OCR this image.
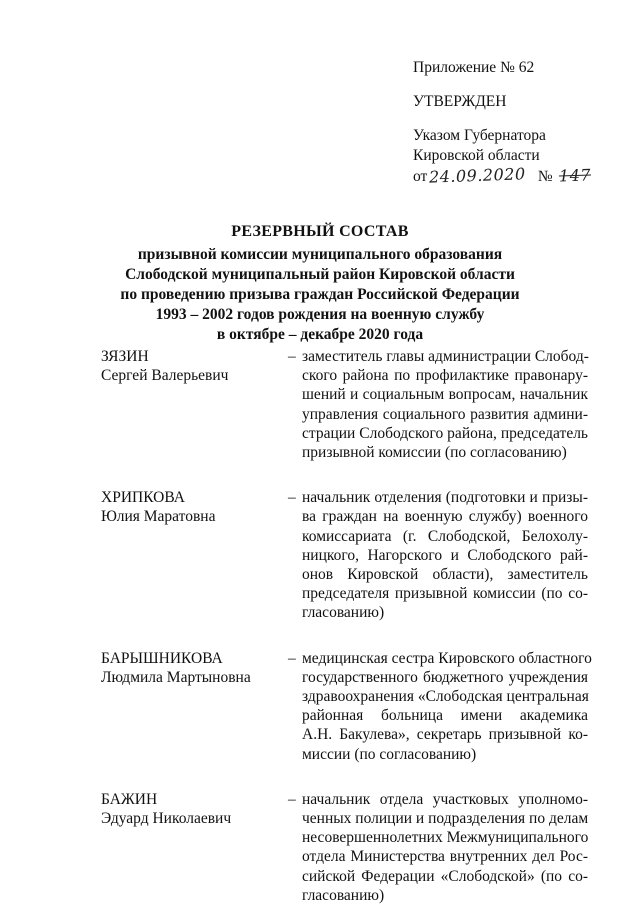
Приложение № 62
УТВЕРЖДЕН
Указом Губернатора
Кировской области
от 24.09.2020 № 147
РЕЗЕРВНЫЙ СОСТАВ
призывной комиссии муниципального образования
Слободской муниципальный район Кировской области
по проведению призыва граждан Российской Федерации
1993 – 2002 годов рождения на военную службу
в октябре – декабре 2020 года
ЗЯЗИН
Сергей Валерьевич
– заместитель главы администрации Слобод-
ского района по профилактике правонару-
шений и социальным вопросам, начальник
управления социального развития админи-
страции Слободского района, председатель
призывной комиссии (по согласованию)
ХРИПКОВА
Юлия Маратовна
– начальник отделения (подготовки и призы-
ва граждан на военную службу) военного
комиссариата (г. Слободской, Белохолу-
ницкого, Нагорского и Слободского рай-
онов Кировской области), заместитель
председателя призывной комиссии (по со-
гласованию)
БАРЫШНИКОВА
Людмила Мартыновна
– медицинская сестра Кировского областного
государственного бюджетного учреждения
здравоохранения «Слободская центральная
районная больница имени академика
А.Н. Бакулева», секретарь призывной ко-
миссии (по согласованию)
БАЖИН
Эдуард Николаевич
– начальник отдела участковых уполномо-
ченных полиции и подразделения по делам
несовершеннолетних Межмуниципального
отдела Министерства внутренних дел Рос-
сийской Федерации «Слободской» (по со-
гласованию)
